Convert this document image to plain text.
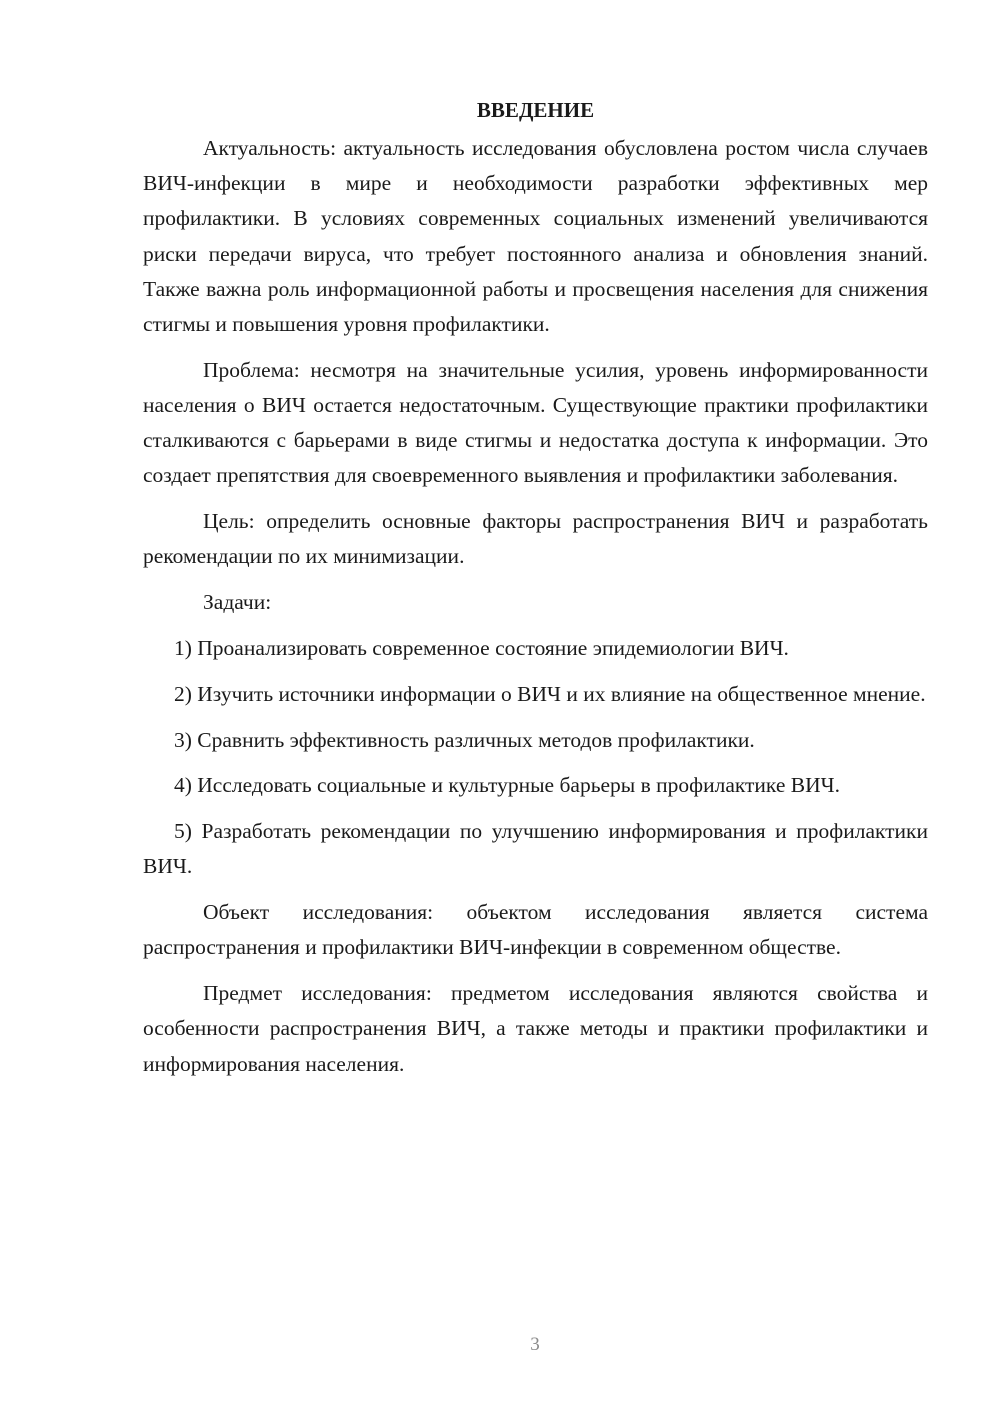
ВВЕДЕНИЕ

Актуальность: актуальность исследования обусловлена ростом числа случаев ВИЧ-инфекции в мире и необходимости разработки эффективных мер профилактики. В условиях современных социальных изменений увеличиваются риски передачи вируса, что требует постоянного анализа и обновления знаний. Также важна роль информационной работы и просвещения населения для снижения стигмы и повышения уровня профилактики.

Проблема: несмотря на значительные усилия, уровень информированности населения о ВИЧ остается недостаточным. Существующие практики профилактики сталкиваются с барьерами в виде стигмы и недостатка доступа к информации. Это создает препятствия для своевременного выявления и профилактики заболевания.

Цель: определить основные факторы распространения ВИЧ и разработать рекомендации по их минимизации.

Задачи:

1) Проанализировать современное состояние эпидемиологии ВИЧ.

2) Изучить источники информации о ВИЧ и их влияние на общественное мнение.

3) Сравнить эффективность различных методов профилактики.

4) Исследовать социальные и культурные барьеры в профилактике ВИЧ.

5) Разработать рекомендации по улучшению информирования и профилактики ВИЧ.

Объект исследования: объектом исследования является система распространения и профилактики ВИЧ-инфекции в современном обществе.

Предмет исследования: предметом исследования являются свойства и особенности распространения ВИЧ, а также методы и практики профилактики и информирования населения.

3
